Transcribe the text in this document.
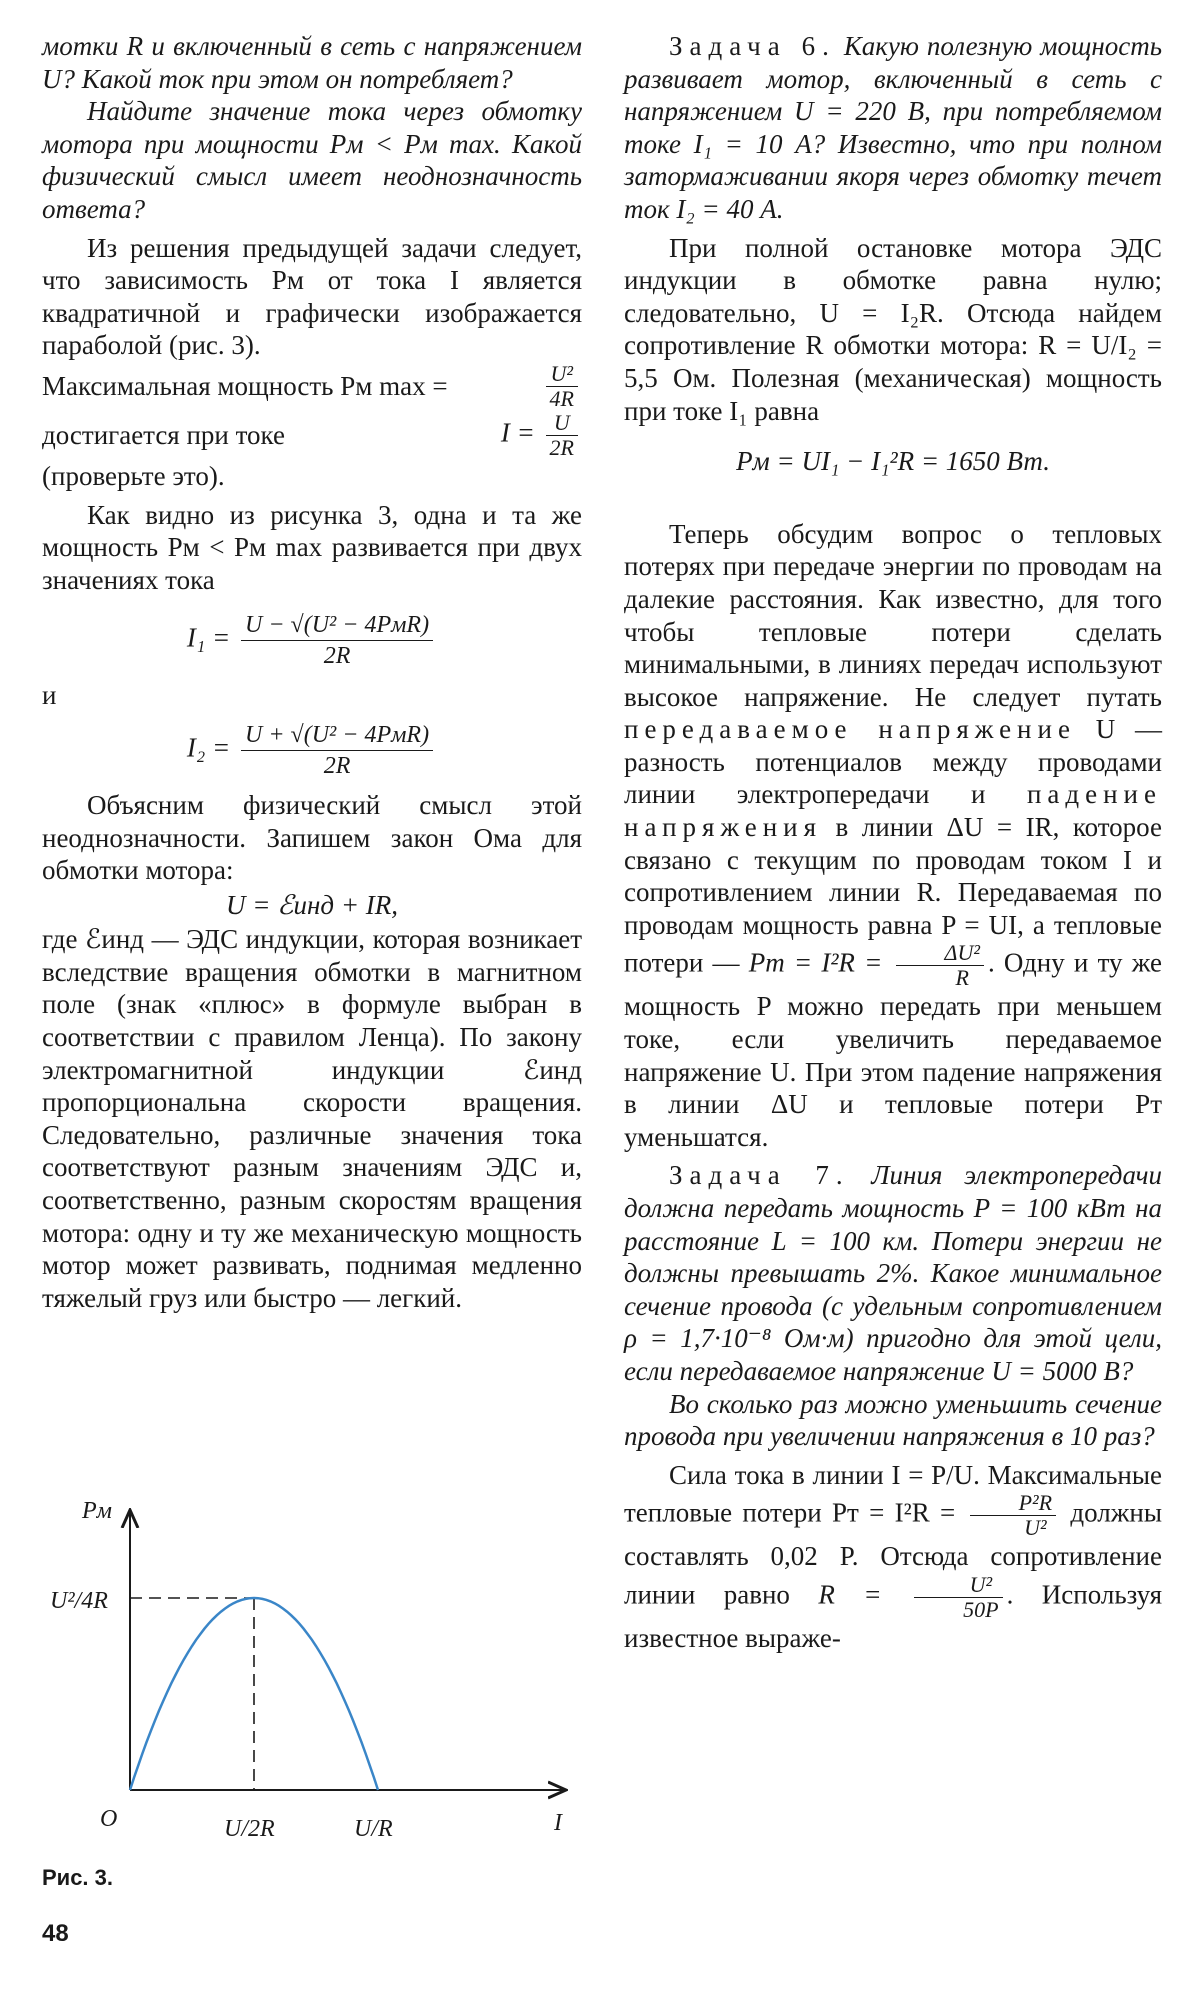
мотки R и включенный в сеть с напряжением U? Какой ток при этом он потребляет?

Найдите значение тока через обмотку мотора при мощности Pм < Pм max. Какой физический смысл имеет неоднозначность ответа?

Из решения предыдущей задачи следует, что зависимость Pм от тока I является квадратичной и графически изображается параболой (рис. 3).

Максимальная мощность Pм max =	$\frac{\text{U²}}{4R}$
достигается при токе	$I = \frac{U}{2R}$

(проверьте это).

Как видно из рисунка 3, одна и та же мощность Pм < Pм max развивается при двух значениях тока

$I_1 = \frac{\text{U − √(U² − 4PмR)}}{2R}$

и

$I_2 = \frac{\text{U + √(U² − 4PмR)}}{2R}$

Объясним физический смысл этой неоднозначности. Запишем закон Ома для обмотки мотора:

U = ℰинд + IR,

где ℰинд — ЭДС индукции, которая возникает вследствие вращения обмотки в магнитном поле (знак «плюс» в формуле выбран в соответствии с правилом Ленца). По закону электромагнитной индукции ℰинд пропорциональна скорости вращения. Следовательно, различные значения тока соответствуют разным значениям ЭДС и, соответственно, разным скоростям вращения мотора: одну и ту же механическую мощность мотор может развивать, поднимая медленно тяжелый груз или быстро — легкий.

Pм
U²/4R
O	U/2R	U/R	I
Рис. 3.

Задача 6. Какую полезную мощность развивает мотор, включенный в сеть с напряжением U = 220 В, при потребляемом токе I₁ = 10 А? Известно, что при полном затормаживании якоря через обмотку течет ток I₂ = 40 А.

При полной остановке мотора ЭДС индукции в обмотке равна нулю; следовательно, U = I₂R. Отсюда найдем сопротивление R обмотки мотора: R = U/I₂ = 5,5 Ом. Полезная (механическая) мощность при токе I₁ равна

Pм = UI₁ − I₁²R = 1650 Вт.

Теперь обсудим вопрос о тепловых потерях при передаче энергии по проводам на далекие расстояния. Как известно, для того чтобы тепловые потери сделать минимальными, в линиях передач используют высокое напряжение. Не следует путать передаваемое напряжение U — разность потенциалов между проводами линии электропередачи и падение напряжения в линии ΔU = IR, которое связано с текущим по проводам током I и сопротивлением линии R. Передаваемая по проводам мощность равна P = UI, а тепловые потери — Pт = $I^2R = \frac{\text{ΔU²}}{R}$ . Одну и ту же мощность P можно передать при меньшем токе, если увеличить передаваемое напряжение U. При этом падение напряжения в линии ΔU и тепловые потери Pт уменьшатся.

Задача 7. Линия электропередачи должна передать мощность P = 100 кВт на расстояние L = 100 км. Потери энергии не должны превышать 2%. Какое минимальное сечение провода (с удельным сопротивлением ρ = 1,7·10⁻⁸ Ом·м) пригодно для этой цели, если передаваемое напряжение U = 5000 В?

Во сколько раз можно уменьшить сечение провода при увеличении напряжения в 10 раз?

Сила тока в линии I = P/U. Максимальные тепловые потери Pт = $I^2R = \frac{\text{P²R}}{\text{U²}}$ должны составлять 0,02 P. Отсюда сопротивление линии равно $R = \frac{\text{U²}}{50P}$ . Используя известное выраже-

48
